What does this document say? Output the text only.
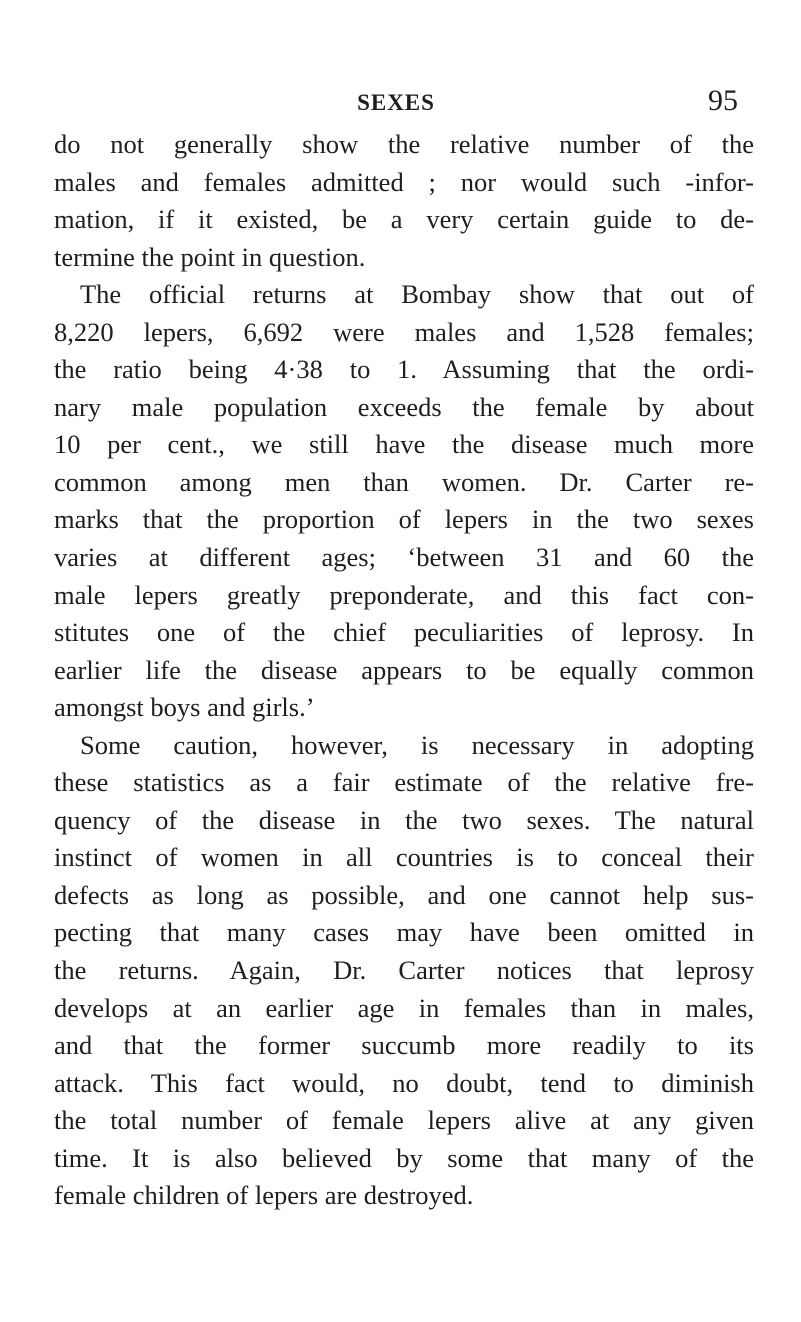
SEXES	95
do not generally show the relative number of the
males and females admitted ; nor would such -infor-
mation, if it existed, be a very certain guide to de-
termine the point in question.
The official returns at Bombay show that out of
8,220 lepers, 6,692 were males and 1,528 females;
the ratio being 4·38 to 1. Assuming that the ordi-
nary male population exceeds the female by about
10 per cent., we still have the disease much more
common among men than women. Dr. Carter re-
marks that the proportion of lepers in the two sexes
varies at different ages; ‘between 31 and 60 the
male lepers greatly preponderate, and this fact con-
stitutes one of the chief peculiarities of leprosy. In
earlier life the disease appears to be equally common
amongst boys and girls.’
Some caution, however, is necessary in adopting
these statistics as a fair estimate of the relative fre-
quency of the disease in the two sexes. The natural
instinct of women in all countries is to conceal their
defects as long as possible, and one cannot help sus-
pecting that many cases may have been omitted in
the returns. Again, Dr. Carter notices that leprosy
develops at an earlier age in females than in males,
and that the former succumb more readily to its
attack. This fact would, no doubt, tend to diminish
the total number of female lepers alive at any given
time. It is also believed by some that many of the
female children of lepers are destroyed.
